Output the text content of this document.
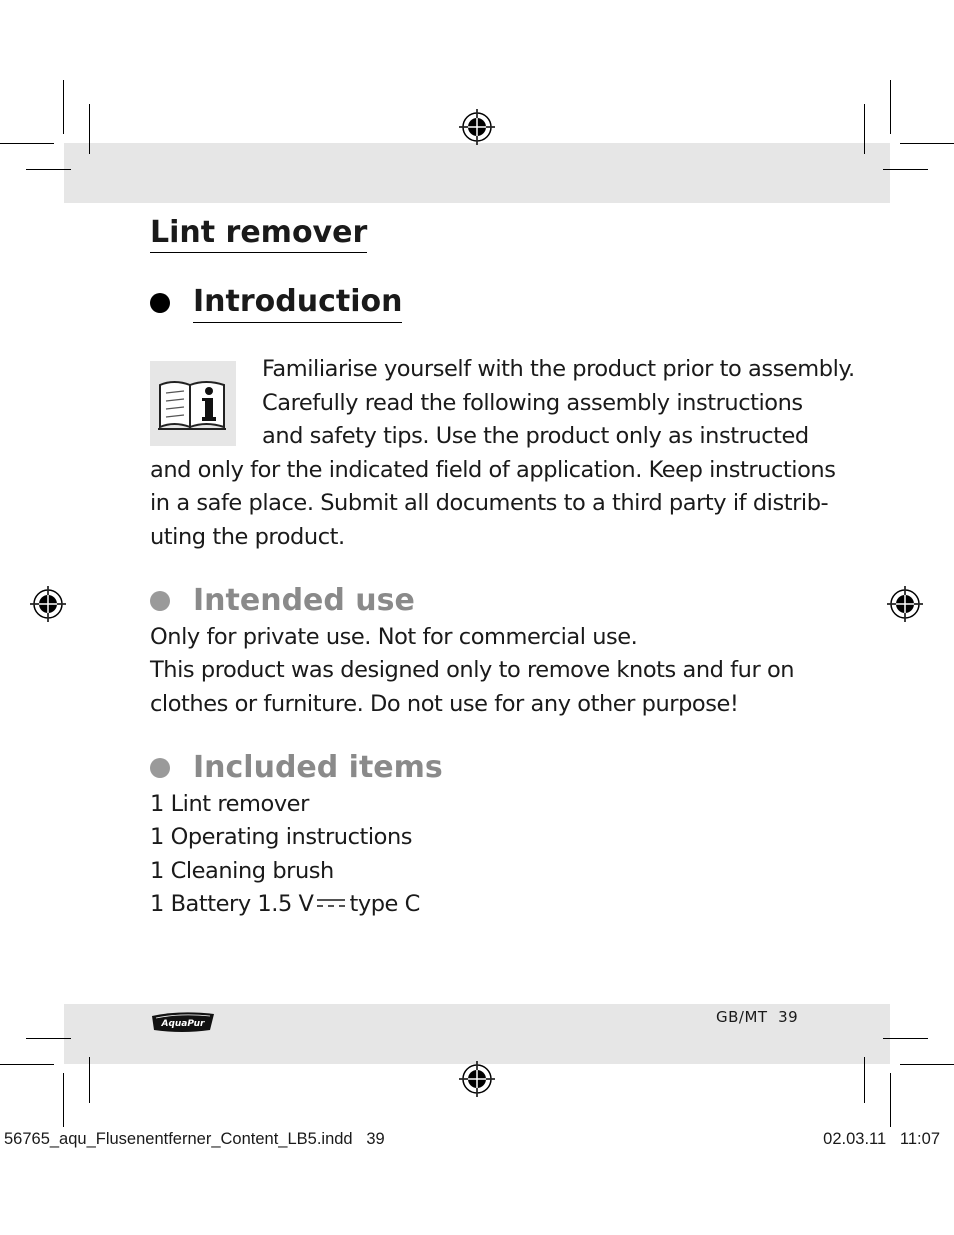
Lint remover
Introduction
Familiarise yourself with the product prior to assembly.
Carefully read the following assembly instructions
and safety tips. Use the product only as instructed
and only for the indicated field of application. Keep instructions
in a safe place. Submit all documents to a third party if distrib-
uting the product.
Intended use
Only for private use. Not for commercial use.
This product was designed only to remove knots and fur on
clothes or furniture. Do not use for any other purpose!
Included items
1 Lint remover
1 Operating instructions
1 Cleaning brush
1 Battery 1.5 V type C
AquaPur	GB/MT  39
56765_aqu_Flusenentferner_Content_LB5.indd   39	02.03.11   11:07
